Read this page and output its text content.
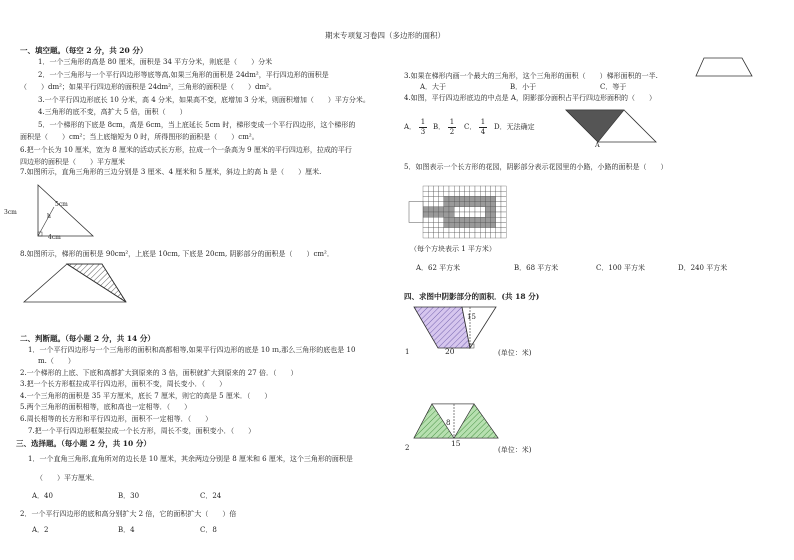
期末专项复习卷四（多边形的面积）
一、填空题。（每空 2 分，共 20 分）
1．一个三角形的高是 80 厘米，面积是 34 平方分米，则底是（　　）分米
2．一个三角形与一个平行四边形等底等高,如果三角形的面积是 24dm²，平行四边形的面积是
（　　）dm²；如果平行四边形的面积是 24dm²，三角形的面积是（　　）dm²。
3.一个平行四边形底长 10 分米，高 4 分米，如果高不变，底增加 3 分米，则面积增加（　　）平方分米。
4.三角形的底不变，高扩大 5 倍，面积（　　）
5．一个梯形的下底是 8cm，高是 6cm，当上底延长 5cm 时，梯形变成一个平行四边形，这个梯形的
面积是（　　）cm²；当上底缩短为 0 时，所得图形的面积是（　　）cm²。
6.把一个长为 10 厘米，宽为 8 厘米的活动式长方形，拉成一个一条高为 9 厘米的平行四边形，拉成的平行
四边形的面积是（　　）平方厘米
7.如图所示，直角三角形的三边分别是 3 厘米、4 厘米和 5 厘米，斜边上的高 h 是（　　）厘米.
3cm
5cm
4cm
h
8.如图所示，梯形的面积是 90cm²，上底是 10cm, 下底是 20cm, 阴影部分的面积是（　　）cm²．
二、判断题。（每小题 2 分，共 14 分）
1．一个平行四边形与一个三角形的面积和高都相等,如果平行四边形的底是 10 ｍ,那么三角形的底也是 10
m.（　　）
2.一个梯形的上底、下底和高都扩大到原来的 3 倍，面积就扩大到原来的 27 倍．（　　）
3.把一个长方形框拉成平行四边形，面积不变，周长变小．（　　）
4.一个三角形的面积是 35 平方厘米，底长 7 厘米，则它的高是 5 厘米．（　　）
5.两个三角形的面积相等，底和高也一定相等．（　　）
6.周长相等的长方形和平行四边形，面积不一定相等．（　　）
7.把一个平行四边形框架拉成一个长方形，周长不变，面积变小．（　　）
三、选择题。（每小题 2 分，共 10 分）
1．一个直角三角形,直角所对的边长是 10 厘米，其余两边分别是 8 厘米和 6 厘米，这个三角形的面积是
（　　）平方厘米．
A．40	B．30	C．24
2．一个平行四边形的底和高分别扩大 2 倍，它的面积扩大（　　）倍
A．2	B．4	C．8
3.如果在梯形内画一个最大的三角形，这个三角形的面积（　　）梯形面积的一半.
A．大于	B．小于	C．等于
4.如图，平行四边形底边的中点是 A，阴影部分面积占平行四边形面积的（　　）
A．
1
3
B．
1
2
C．
1
4
D．无法确定
A
5．如图表示一个长方形的花园，阴影部分表示花园里的小路，小路的面积是（　　）
（每个方块表示 1 平方米）
A．62 平方米	B．68 平方米	C．100 平方米	D．240 平方米
四、求图中阴影部分的面积．(共 18 分)
1
15
20	(单位：米)
2
8
15
(单位：米)
